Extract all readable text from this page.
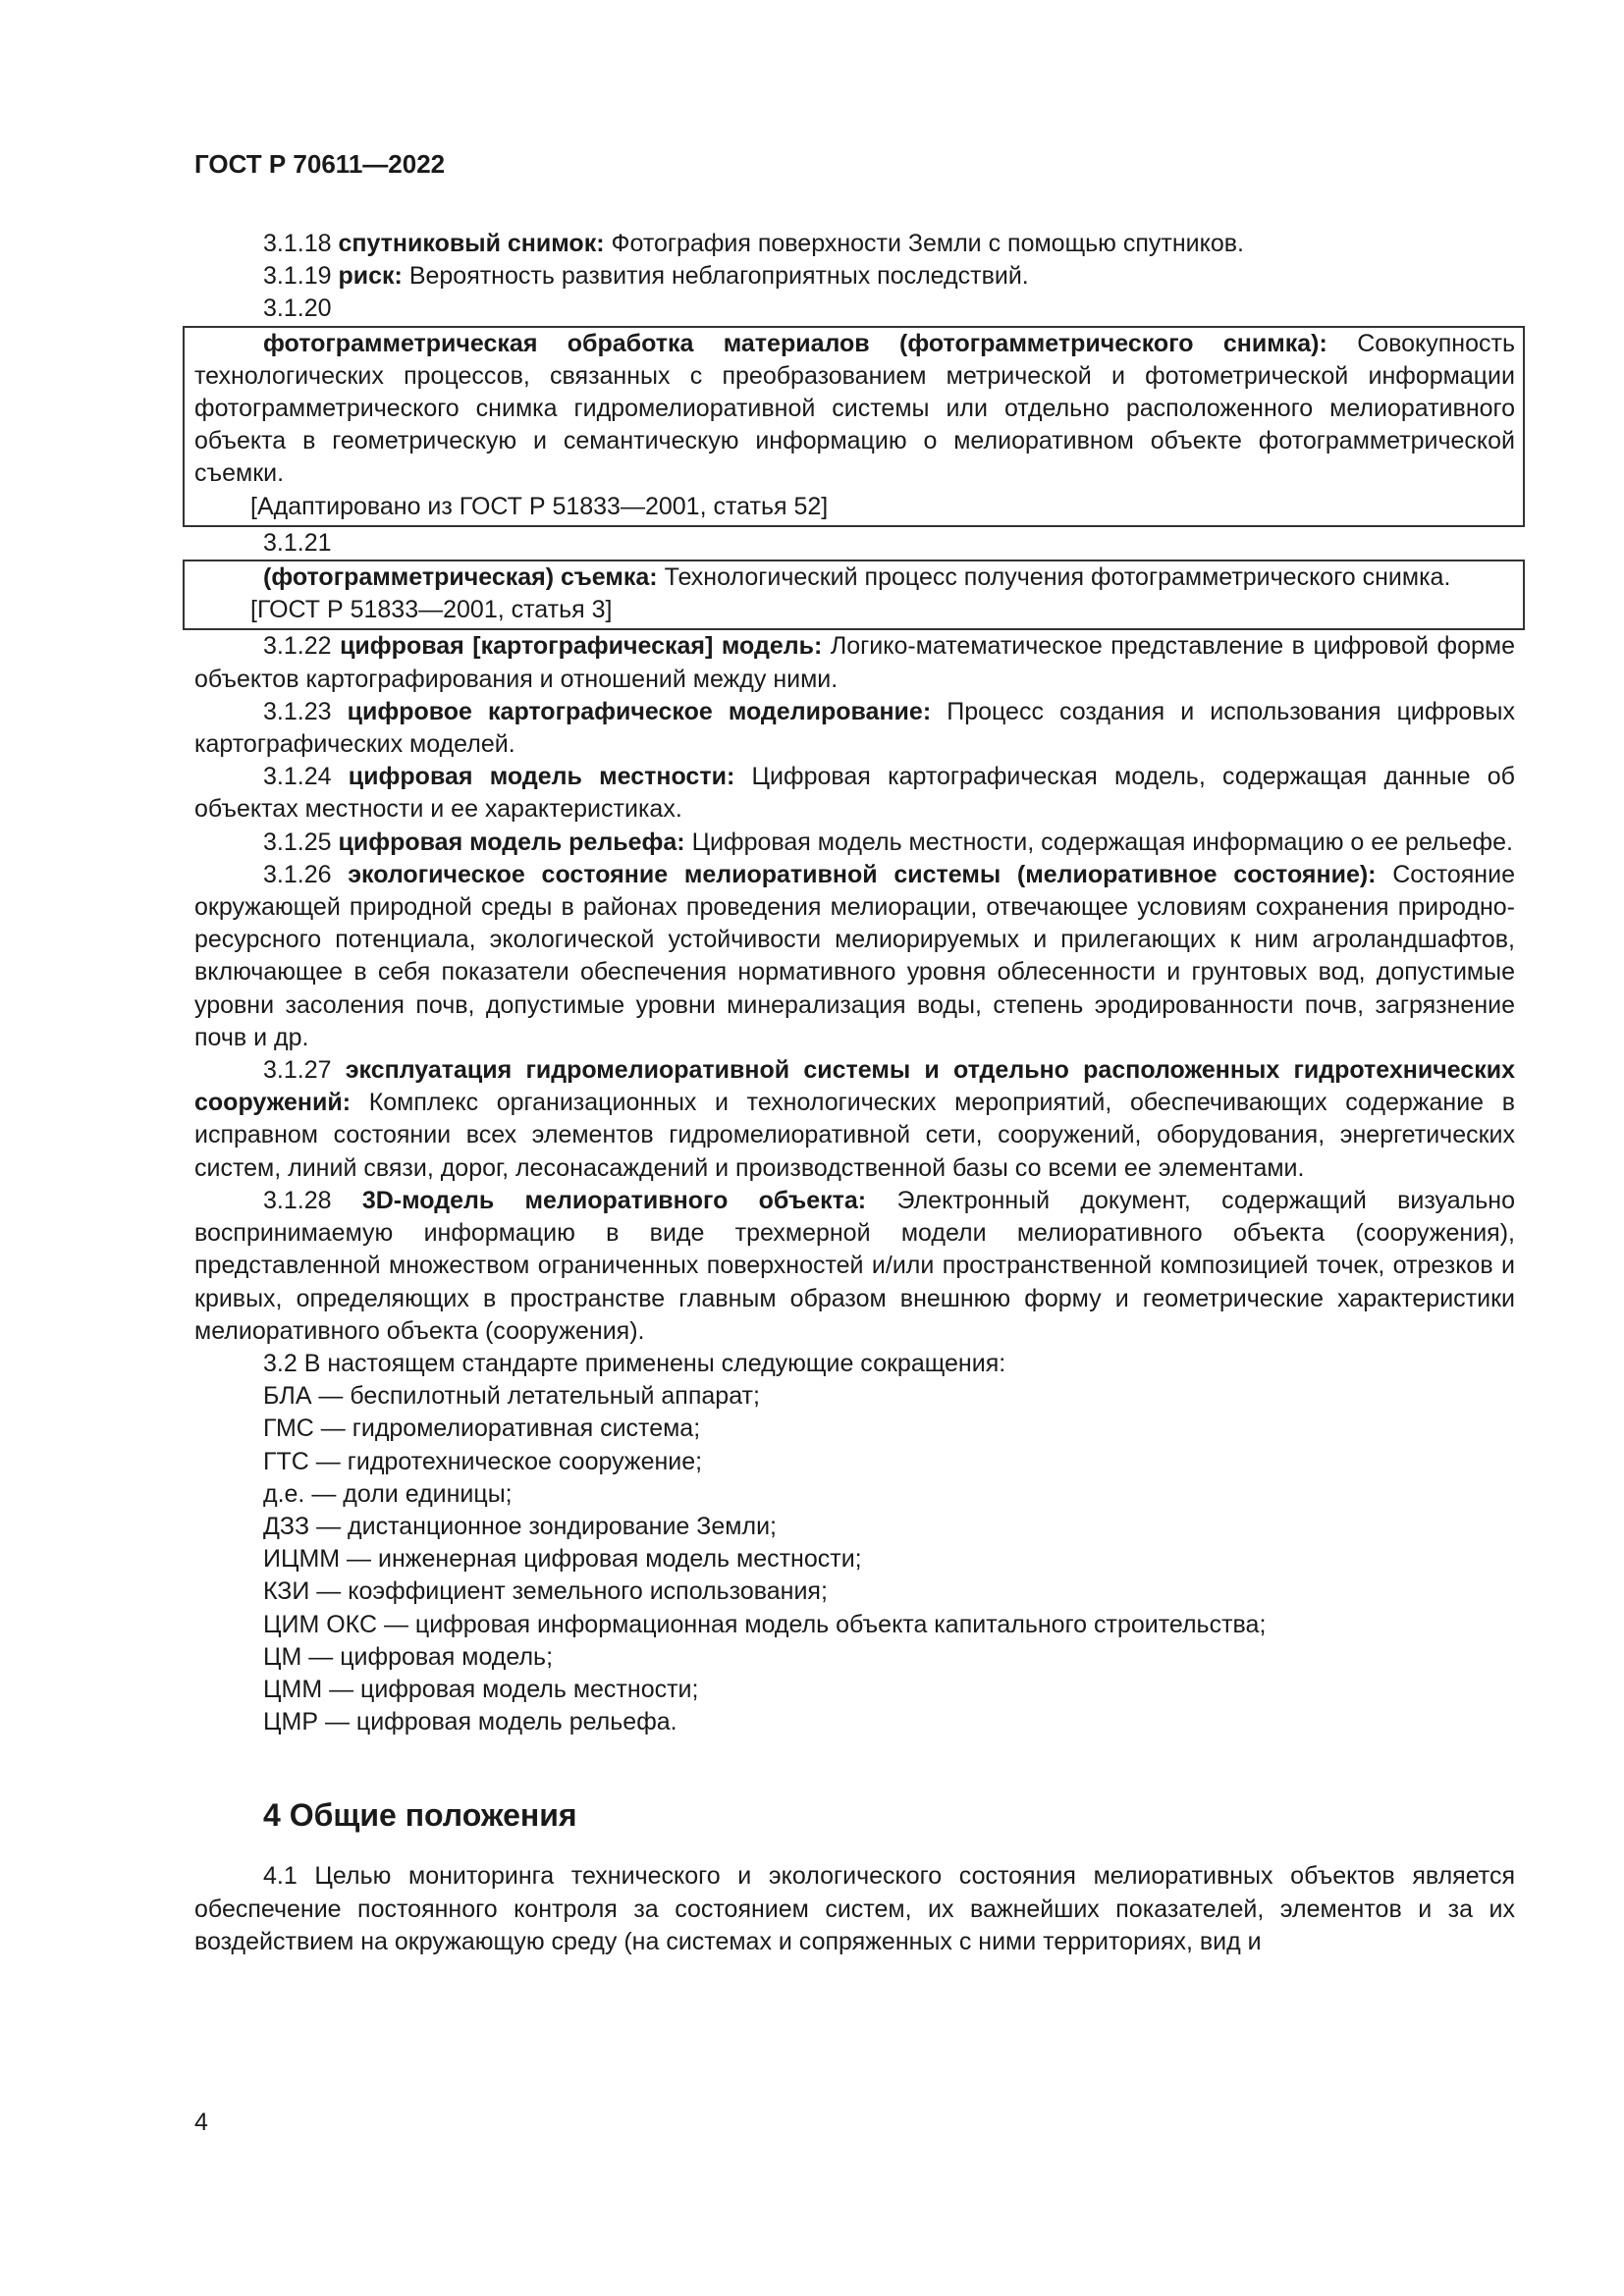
ГОСТ Р 70611—2022

3.1.18 спутниковый снимок: Фотография поверхности Земли с помощью спутников.

3.1.19 риск: Вероятность развития неблагоприятных последствий.

3.1.20

фотограмметрическая обработка материалов (фотограмметрического снимка): Совокупность технологических процессов, связанных с преобразованием метрической и фотометрической информации фотограмметрического снимка гидромелиоративной системы или отдельно расположенного мелиоративного объекта в геометрическую и семантическую информацию о мелиоративном объекте фотограмметрической съемки.

[Адаптировано из ГОСТ Р 51833—2001, статья 52]

3.1.21

(фотограмметрическая) съемка: Технологический процесс получения фотограмметрического снимка.

[ГОСТ Р 51833—2001, статья 3]

3.1.22 цифровая [картографическая] модель: Логико-математическое представление в цифровой форме объектов картографирования и отношений между ними.

3.1.23 цифровое картографическое моделирование: Процесс создания и использования цифровых картографических моделей.

3.1.24 цифровая модель местности: Цифровая картографическая модель, содержащая данные об объектах местности и ее характеристиках.

3.1.25 цифровая модель рельефа: Цифровая модель местности, содержащая информацию о ее рельефе.

3.1.26 экологическое состояние мелиоративной системы (мелиоративное состояние): Состояние окружающей природной среды в районах проведения мелиорации, отвечающее условиям сохранения природно-ресурсного потенциала, экологической устойчивости мелиорируемых и прилегающих к ним агроландшафтов, включающее в себя показатели обеспечения нормативного уровня облесенности и грунтовых вод, допустимые уровни засоления почв, допустимые уровни минерализация воды, степень эродированности почв, загрязнение почв и др.

3.1.27 эксплуатация гидромелиоративной системы и отдельно расположенных гидротехнических сооружений: Комплекс организационных и технологических мероприятий, обеспечивающих содержание в исправном состоянии всех элементов гидромелиоративной сети, сооружений, оборудования, энергетических систем, линий связи, дорог, лесонасаждений и производственной базы со всеми ее элементами.

3.1.28 3D-модель мелиоративного объекта: Электронный документ, содержащий визуально воспринимаемую информацию в виде трехмерной модели мелиоративного объекта (сооружения), представленной множеством ограниченных поверхностей и/или пространственной композицией точек, отрезков и кривых, определяющих в пространстве главным образом внешнюю форму и геометрические характеристики мелиоративного объекта (сооружения).

3.2 В настоящем стандарте применены следующие сокращения:

БЛА — беспилотный летательный аппарат;

ГМС — гидромелиоративная система;

ГТС — гидротехническое сооружение;

д.е. — доли единицы;

ДЗЗ — дистанционное зондирование Земли;

ИЦММ — инженерная цифровая модель местности;

КЗИ — коэффициент земельного использования;

ЦИМ ОКС — цифровая информационная модель объекта капитального строительства;

ЦМ — цифровая модель;

ЦММ — цифровая модель местности;

ЦМР — цифровая модель рельефа.

4 Общие положения

4.1 Целью мониторинга технического и экологического состояния мелиоративных объектов является обеспечение постоянного контроля за состоянием систем, их важнейших показателей, элементов и за их воздействием на окружающую среду (на системах и сопряженных с ними территориях, вид и

4
